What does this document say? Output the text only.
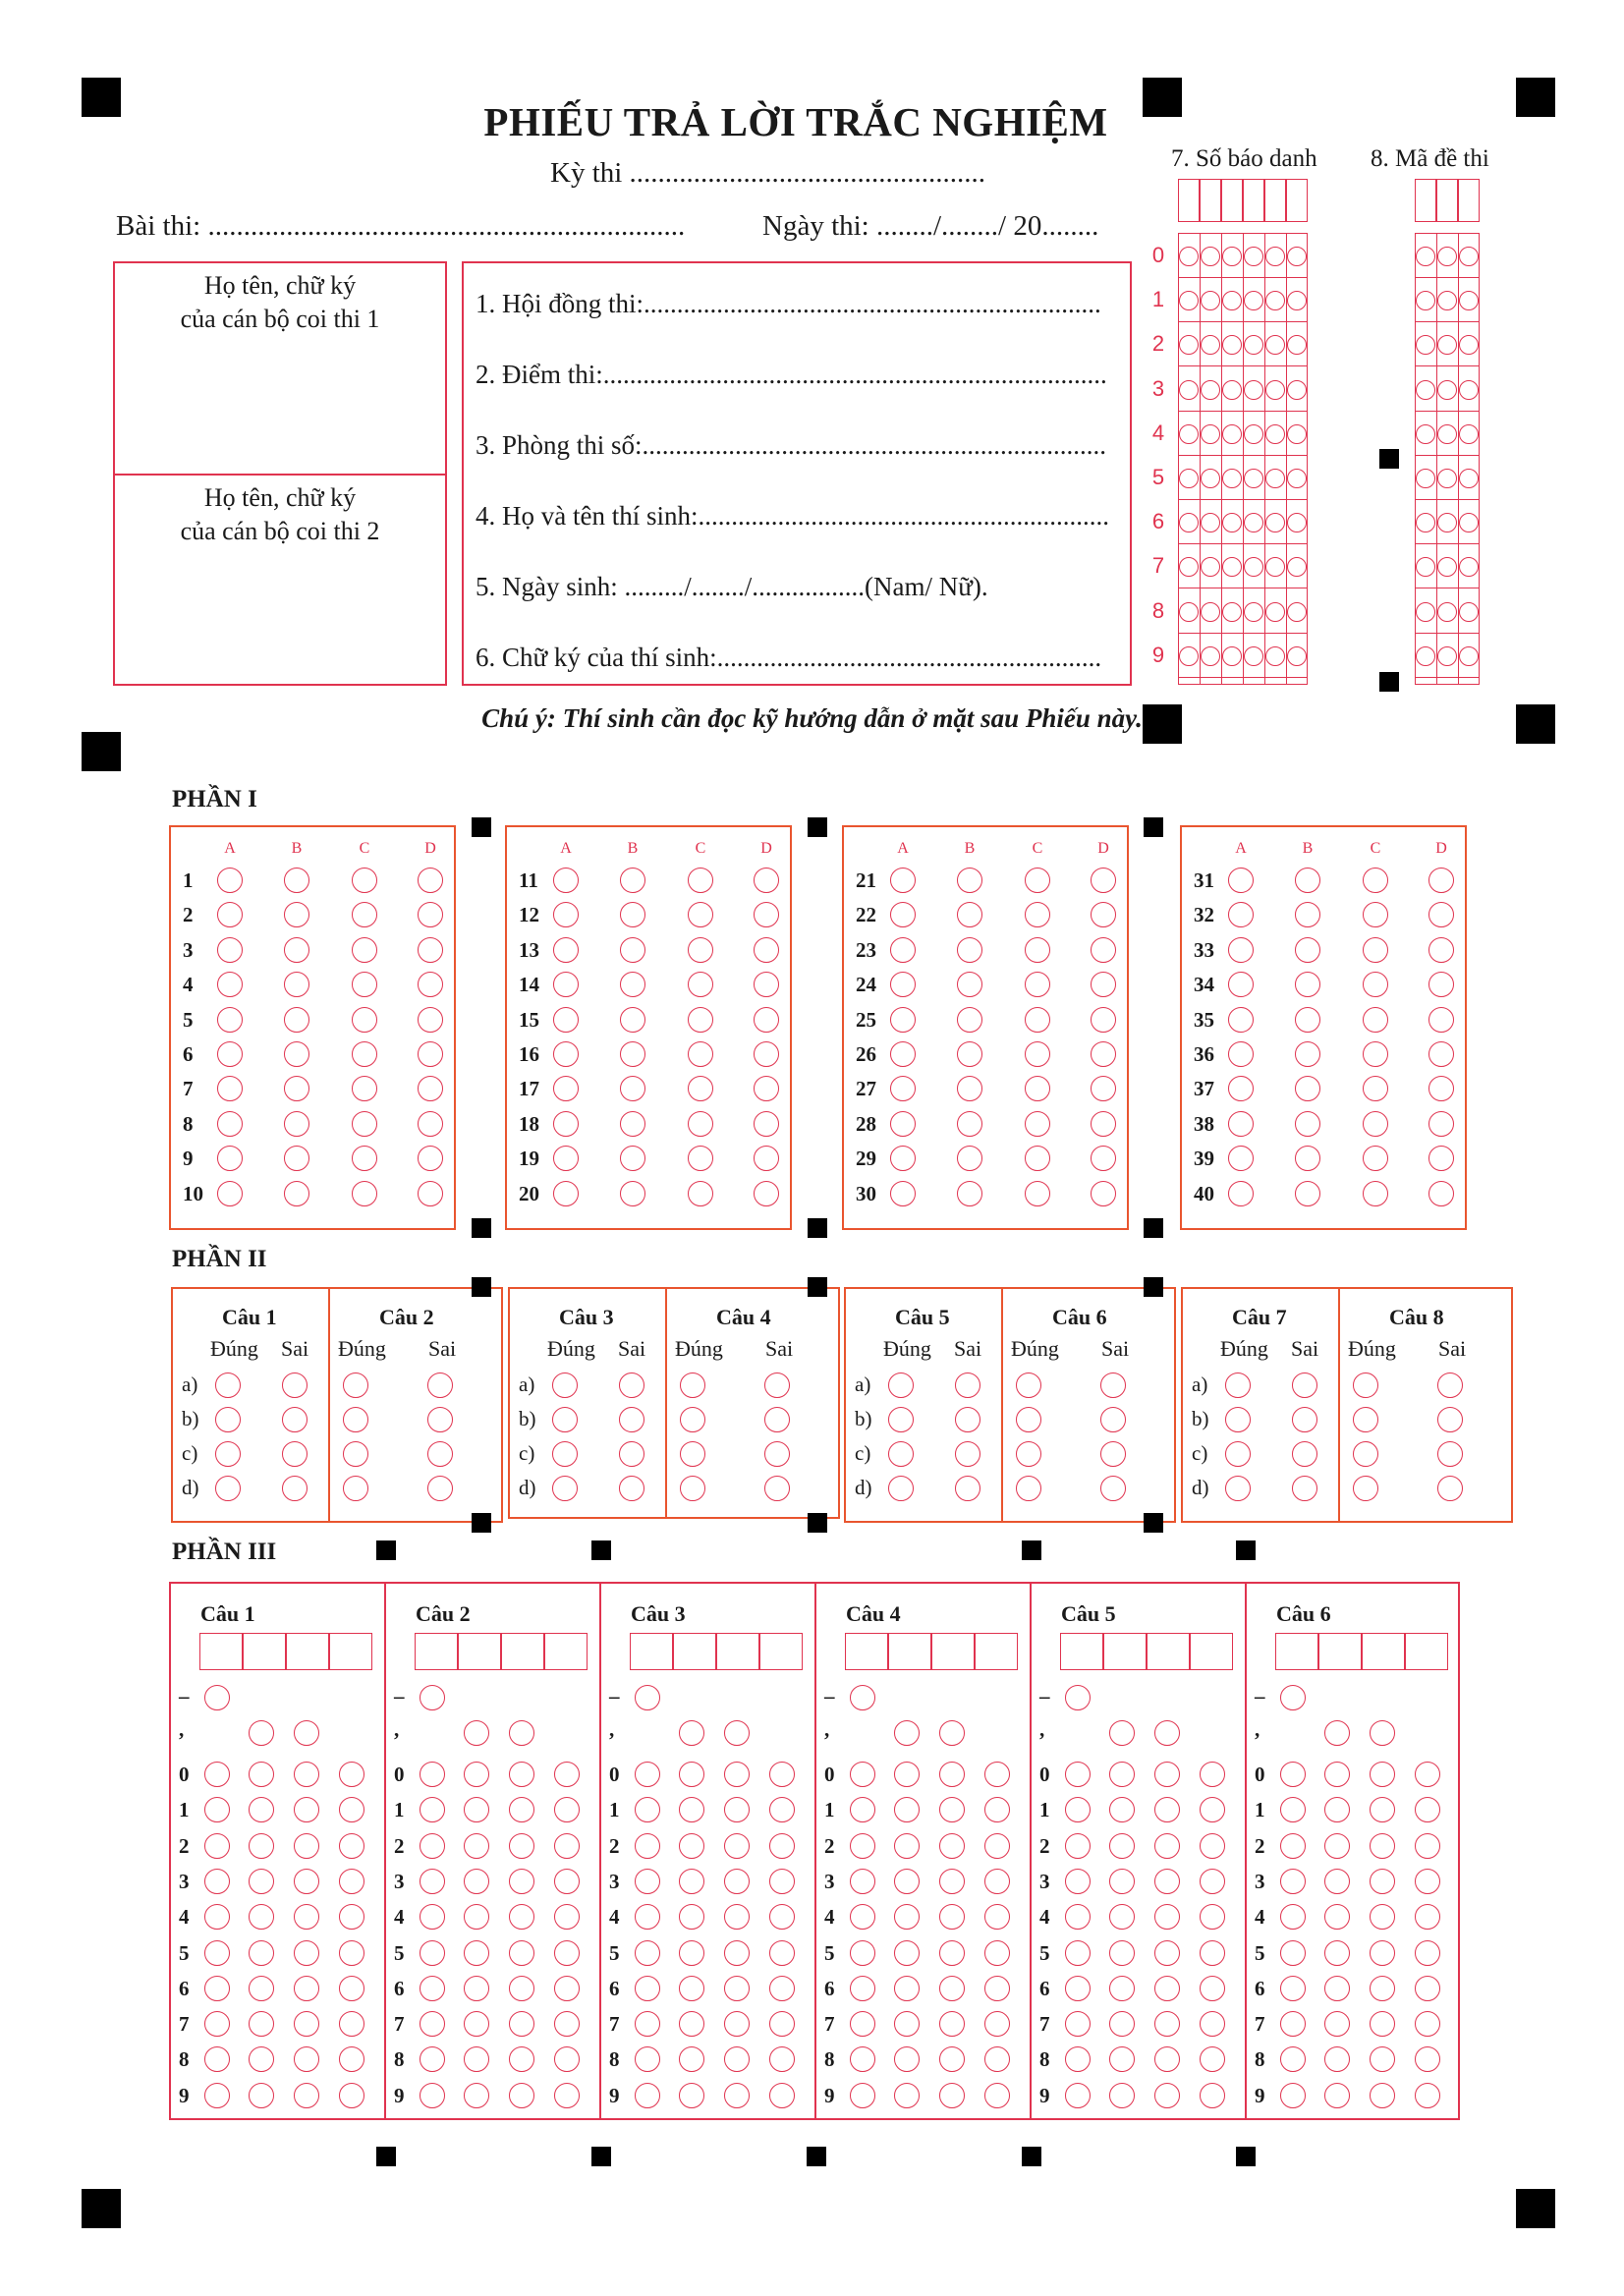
PHIẾU TRẢ LỜI TRẮC NGHIỆM
Kỳ thi ..................................................
Bài thi: ...................................................................	Ngày thi: ......../......../ 20........
Họ tên, chữ ký
của cán bộ coi thi 1
Họ tên, chữ ký
của cán bộ coi thi 2
7. Số báo danh 8. Mã đề thi
Chú ý: Thí sinh cần đọc kỹ hướng dẫn ở mặt sau Phiếu này.
PHẦN I
PHẦN II
PHẦN III
1. Hội đồng thi:.....................................................................
2. Điểm thi:............................................................................
3. Phòng thi số:......................................................................
4. Họ và tên thí sinh:..............................................................
5. Ngày sinh: ........./......../.................(Nam/ Nữ).
6. Chữ ký của thí sinh:..........................................................
0
1
2
3
4
5
6
7
8
9
A	B	C	D
1
2
3
4
5
6
7
8
9
10
A	B	C	D
11
12
13
14
15
16
17
18
19
20
A	B	C	D
21
22
23
24
25
26
27
28
29
30
A	B	C	D
31
32
33
34
35
36
37
38
39
40
Câu 1
Đúng Sai
a)
b)
c)
d)
Câu 2
Đúng Sai
Câu 3
Đúng Sai
a)
b)
c)
d)
Câu 4
Đúng Sai
Câu 5
Đúng Sai
a)
b)
c)
d)
Câu 6
Đúng Sai
Câu 7
Đúng Sai
a)
b)
c)
d)
Câu 8
Đúng Sai
Câu 1
–
,
0
1
2
3
4
5
6
7
8
9
Câu 2
–
,
0
1
2
3
4
5
6
7
8
9
Câu 3
–
,
0
1
2
3
4
5
6
7
8
9
Câu 4
–
,
0
1
2
3
4
5
6
7
8
9
Câu 5
–
,
0
1
2
3
4
5
6
7
8
9
Câu 6
–
,
0
1
2
3
4
5
6
7
8
9
